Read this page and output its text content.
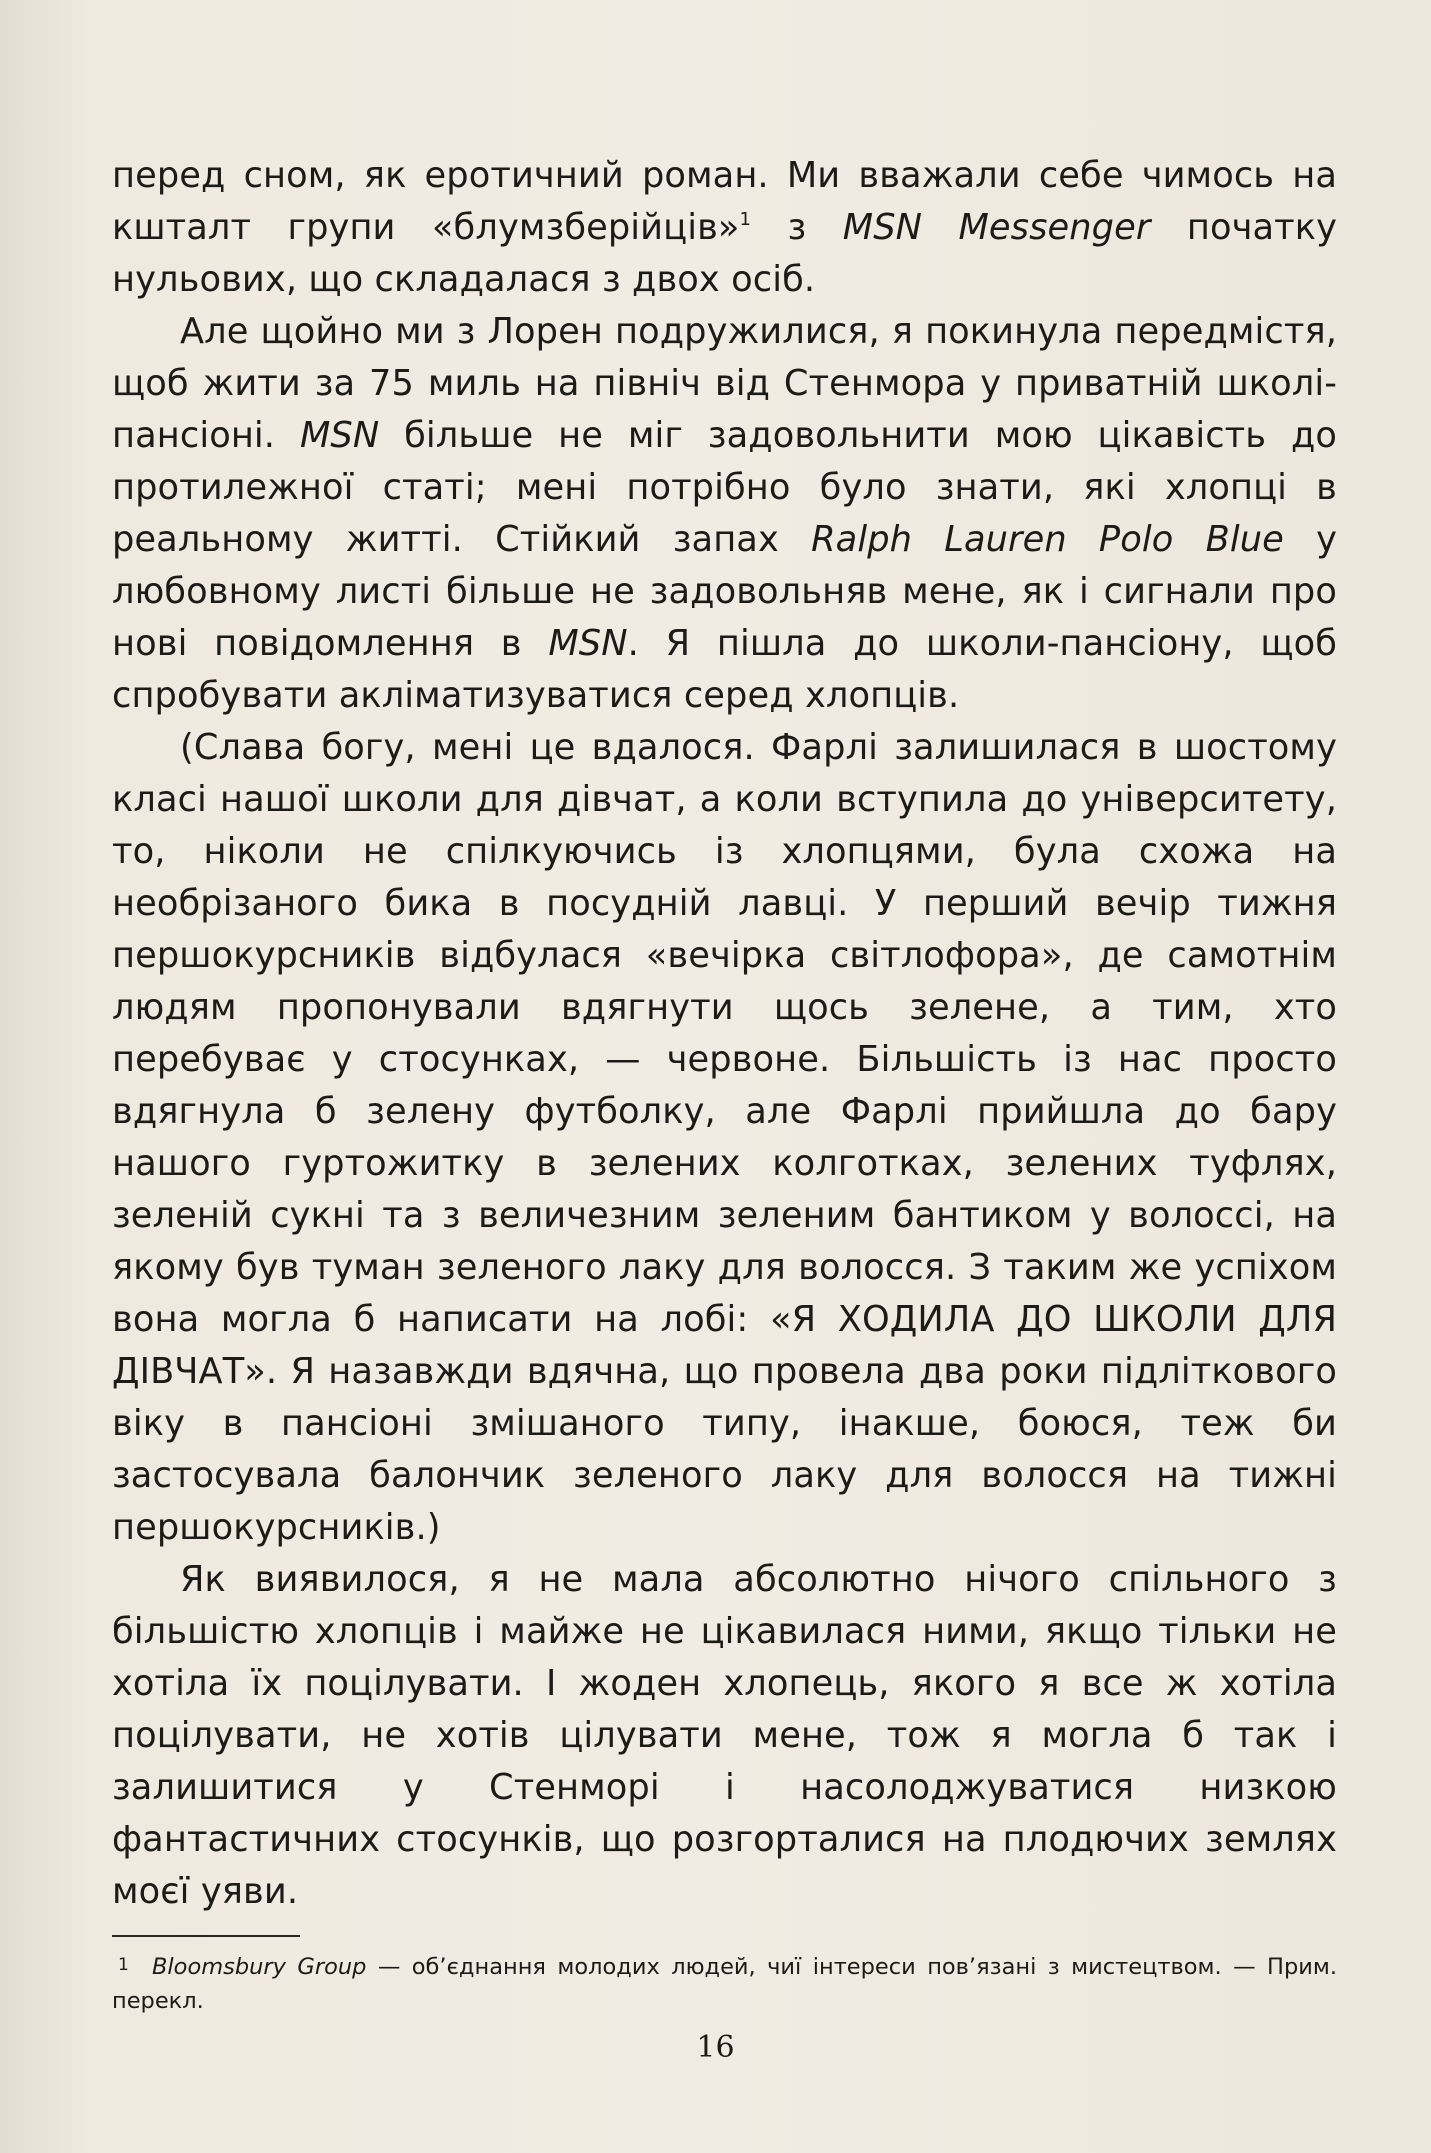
перед сном, як еротичний роман. Ми вважали себе чимось на кшталт групи «блумзберійців»$^1$ з MSN Messenger початку нульових, що складалася з двох осіб.

Але щойно ми з Лорен подружилися, я покинула передмістя, щоб жити за 75 миль на північ від Стенмора у приватній школі-пансіоні. MSN більше не міг задовольнити мою цікавість до протилежної статі; мені потрібно було знати, які хлопці в реальному житті. Стійкий запах Ralph Lauren Polo Blue у любовному листі більше не задовольняв мене, як і сигнали про нові повідомлення в MSN. Я пішла до школи-пансіону, щоб спробувати акліматизуватися серед хлопців.

(Слава богу, мені це вдалося. Фарлі залишилася в шостому класі нашої школи для дівчат, а коли вступила до університету, то, ніколи не спілкуючись із хлопцями, була схожа на необрізаного бика в посудній лавці. У перший вечір тижня першокурсників відбулася «вечірка світлофора», де самотнім людям пропонували вдягнути щось зелене, а тим, хто перебуває у стосунках, — червоне. Більшість із нас просто вдягнула б зелену футболку, але Фарлі прийшла до бару нашого гуртожитку в зелених колготках, зелених туфлях, зеленій сукні та з величезним зеленим бантиком у волоссі, на якому був туман зеленого лаку для волосся. З таким же успіхом вона могла б написати на лобі: «Я ХОДИЛА ДО ШКОЛИ ДЛЯ ДІВЧАТ». Я назавжди вдячна, що провела два роки підліткового віку в пансіоні змішаного типу, інакше, боюся, теж би застосувала балончик зеленого лаку для волосся на тижні першокурсників.)

Як виявилося, я не мала абсолютно нічого спільного з більшістю хлопців і майже не цікавилася ними, якщо тільки не хотіла їх поцілувати. І жоден хлопець, якого я все ж хотіла поцілувати, не хотів цілувати мене, тож я могла б так і залишитися у Стенморі і насолоджуватися низкою фантастичних стосунків, що розгорталися на плодючих землях моєї уяви.

1 Bloomsbury Group — об’єднання молодих людей, чиї інтереси пов’язані з мистецтвом. — Прим. перекл.

16
